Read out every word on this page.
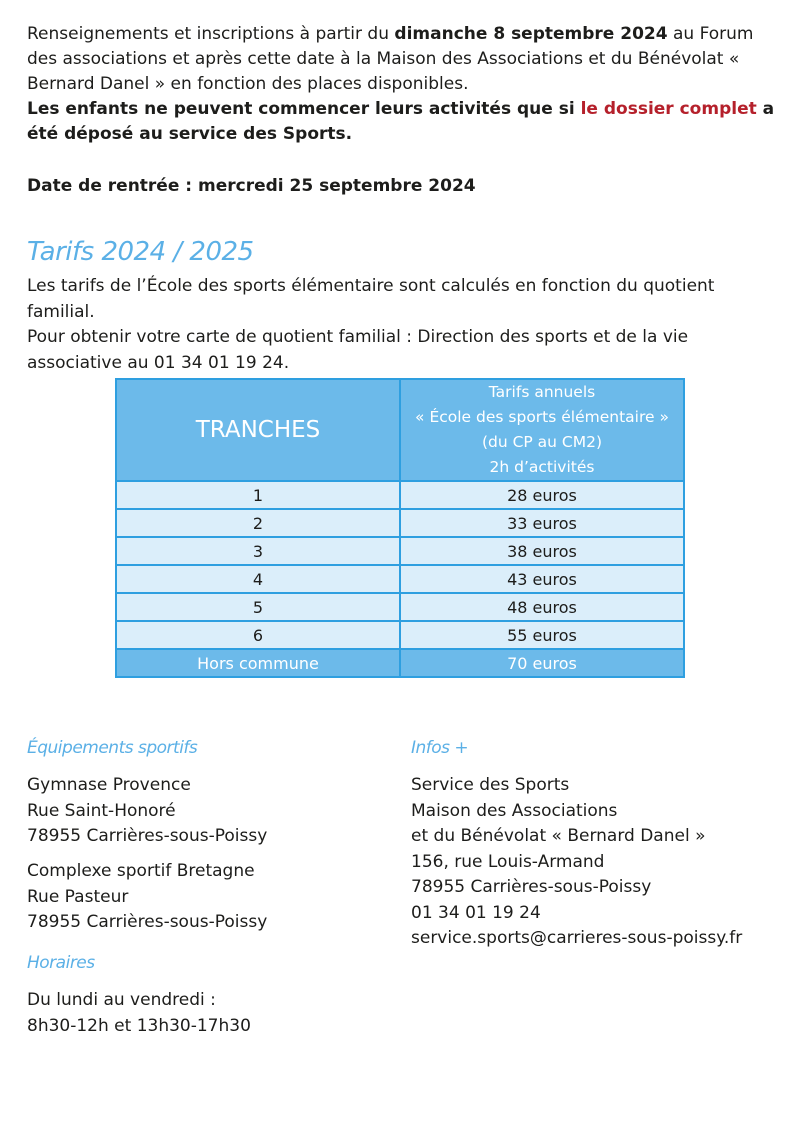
Renseignements et inscriptions à partir du dimanche 8 septembre 2024 au Forum des associations et après cette date à la Maison des Associations et du Bénévolat « Bernard Danel » en fonction des places disponibles.
Les enfants ne peuvent commencer leurs activités que si le dossier complet a été déposé au service des Sports.
Date de rentrée : mercredi 25 septembre 2024
Tarifs 2024 / 2025
Les tarifs de l’École des sports élémentaire sont calculés en fonction du quotient familial.
Pour obtenir votre carte de quotient familial : Direction des sports et de la vie associative au 01 34 01 19 24.
TRANCHES	Tarifs annuels
« École des sports élémentaire »
(du CP au CM2)
2h d’activités

1	28 euros
2	33 euros
3	38 euros
4	43 euros
5	48 euros
6	55 euros
Hors commune	70 euros
Équipements sportifs
Gymnase Provence
Rue Saint-Honoré
78955 Carrières-sous-Poissy
Complexe sportif Bretagne
Rue Pasteur
78955 Carrières-sous-Poissy
Horaires
Du lundi au vendredi :
8h30-12h et 13h30-17h30
Infos +
Service des Sports
Maison des Associations
et du Bénévolat « Bernard Danel »
156, rue Louis-Armand
78955 Carrières-sous-Poissy
01 34 01 19 24
service.sports@carrieres-sous-poissy.fr
